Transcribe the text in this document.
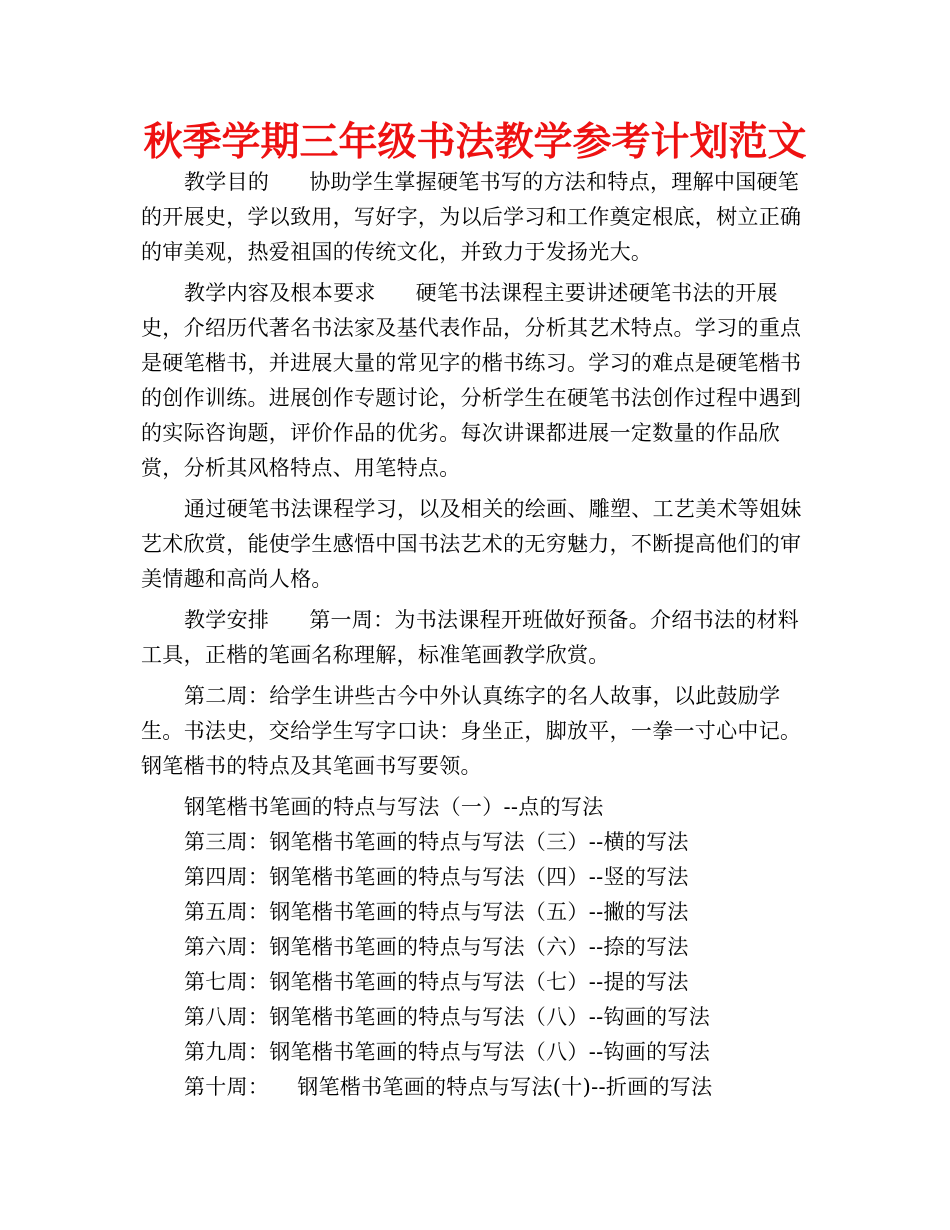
秋季学期三年级书法教学参考计划范文

教学目的 协助学生掌握硬笔书写的方法和特点，理解中国硬笔的开展史，学以致用，写好字，为以后学习和工作奠定根底，树立正确的审美观，热爱祖国的传统文化，并致力于发扬光大。

教学内容及根本要求 硬笔书法课程主要讲述硬笔书法的开展史，介绍历代著名书法家及基代表作品，分析其艺术特点。学习的重点是硬笔楷书，并进展大量的常见字的楷书练习。学习的难点是硬笔楷书的创作训练。进展创作专题讨论，分析学生在硬笔书法创作过程中遇到的实际咨询题，评价作品的优劣。每次讲课都进展一定数量的作品欣赏，分析其风格特点、用笔特点。

通过硬笔书法课程学习，以及相关的绘画、雕塑、工艺美术等姐妹艺术欣赏，能使学生感悟中国书法艺术的无穷魅力，不断提高他们的审美情趣和高尚人格。

教学安排 第一周：为书法课程开班做好预备。介绍书法的材料工具，正楷的笔画名称理解，标准笔画教学欣赏。

第二周：给学生讲些古今中外认真练字的名人故事，以此鼓励学生。书法史，交给学生写字口诀：身坐正，脚放平，一拳一寸心中记。钢笔楷书的特点及其笔画书写要领。

钢笔楷书笔画的特点与写法（一）--点的写法

第三周：钢笔楷书笔画的特点与写法（三）--横的写法

第四周：钢笔楷书笔画的特点与写法（四）--竖的写法

第五周：钢笔楷书笔画的特点与写法（五）--撇的写法

第六周：钢笔楷书笔画的特点与写法（六）--捺的写法

第七周：钢笔楷书笔画的特点与写法（七）--提的写法

第八周：钢笔楷书笔画的特点与写法（八）--钩画的写法

第九周：钢笔楷书笔画的特点与写法（八）--钩画的写法

第十周： 钢笔楷书笔画的特点与写法(十)--折画的写法
